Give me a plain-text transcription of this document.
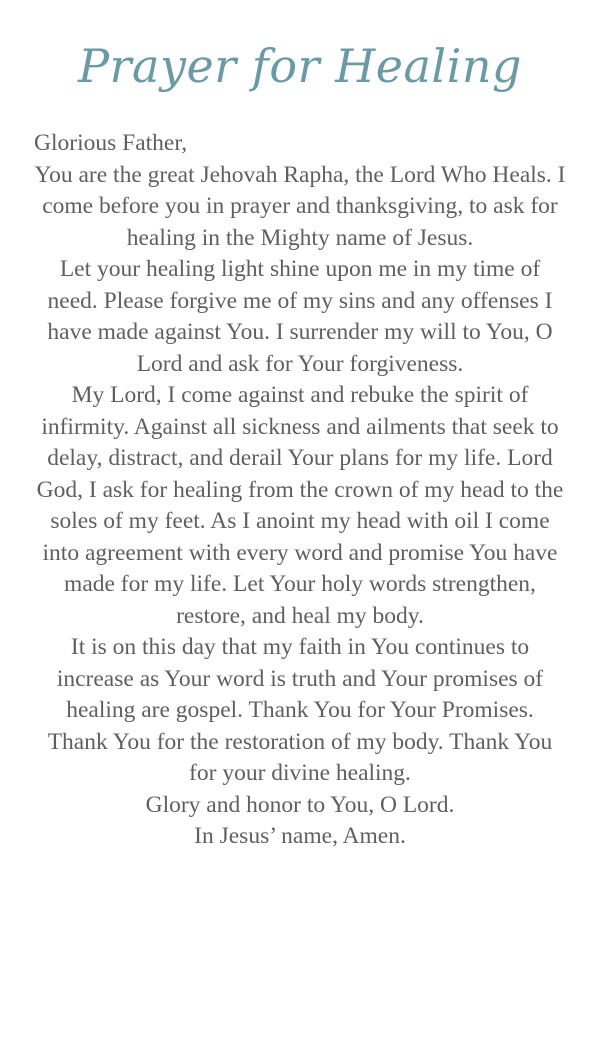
Prayer for Healing
Glorious Father,
You are the great Jehovah Rapha, the Lord Who Heals. I come before you in prayer and thanksgiving, to ask for healing in the Mighty name of Jesus.
Let your healing light shine upon me in my time of need. Please forgive me of my sins and any offenses I have made against You. I surrender my will to You, O Lord and ask for Your forgiveness.
My Lord, I come against and rebuke the spirit of infirmity. Against all sickness and ailments that seek to delay, distract, and derail Your plans for my life. Lord God, I ask for healing from the crown of my head to the soles of my feet. As I anoint my head with oil I come into agreement with every word and promise You have made for my life. Let Your holy words strengthen, restore, and heal my body.
It is on this day that my faith in You continues to increase as Your word is truth and Your promises of healing are gospel. Thank You for Your Promises. Thank You for the restoration of my body. Thank You for your divine healing.
Glory and honor to You, O Lord.
In Jesus’ name, Amen.
